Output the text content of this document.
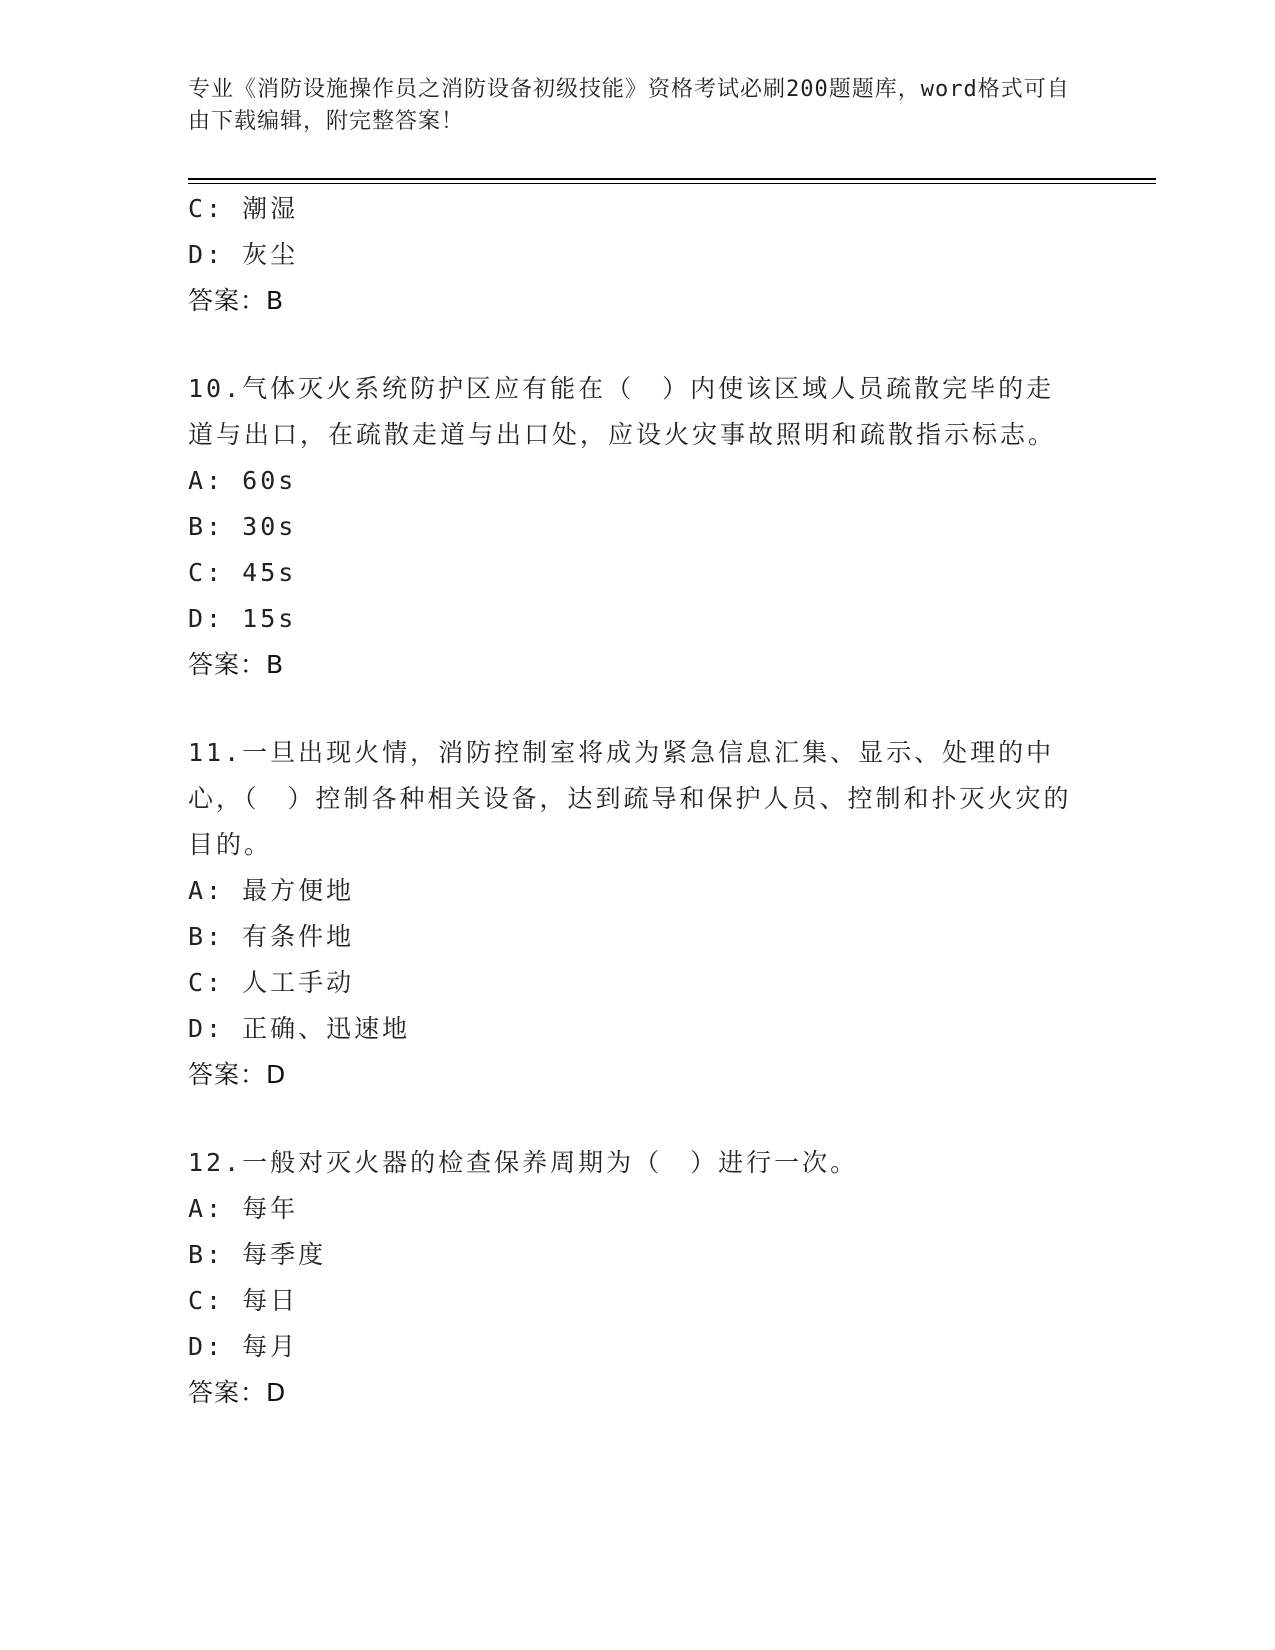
专业《消防设施操作员之消防设备初级技能》资格考试必刷200题题库，word格式可自由下载编辑，附完整答案！
C: 潮湿
D: 灰尘
答案：B
10.气体灭火系统防护区应有能在（　）内使该区域人员疏散完毕的走道与出口，在疏散走道与出口处，应设火灾事故照明和疏散指示标志。
A: 60s
B: 30s
C: 45s
D: 15s
答案：B
11.一旦出现火情，消防控制室将成为紧急信息汇集、显示、处理的中心，（　）控制各种相关设备，达到疏导和保护人员、控制和扑灭火灾的目的。
A: 最方便地
B: 有条件地
C: 人工手动
D: 正确、迅速地
答案：D
12.一般对灭火器的检查保养周期为（　）进行一次。
A: 每年
B: 每季度
C: 每日
D: 每月
答案：D
